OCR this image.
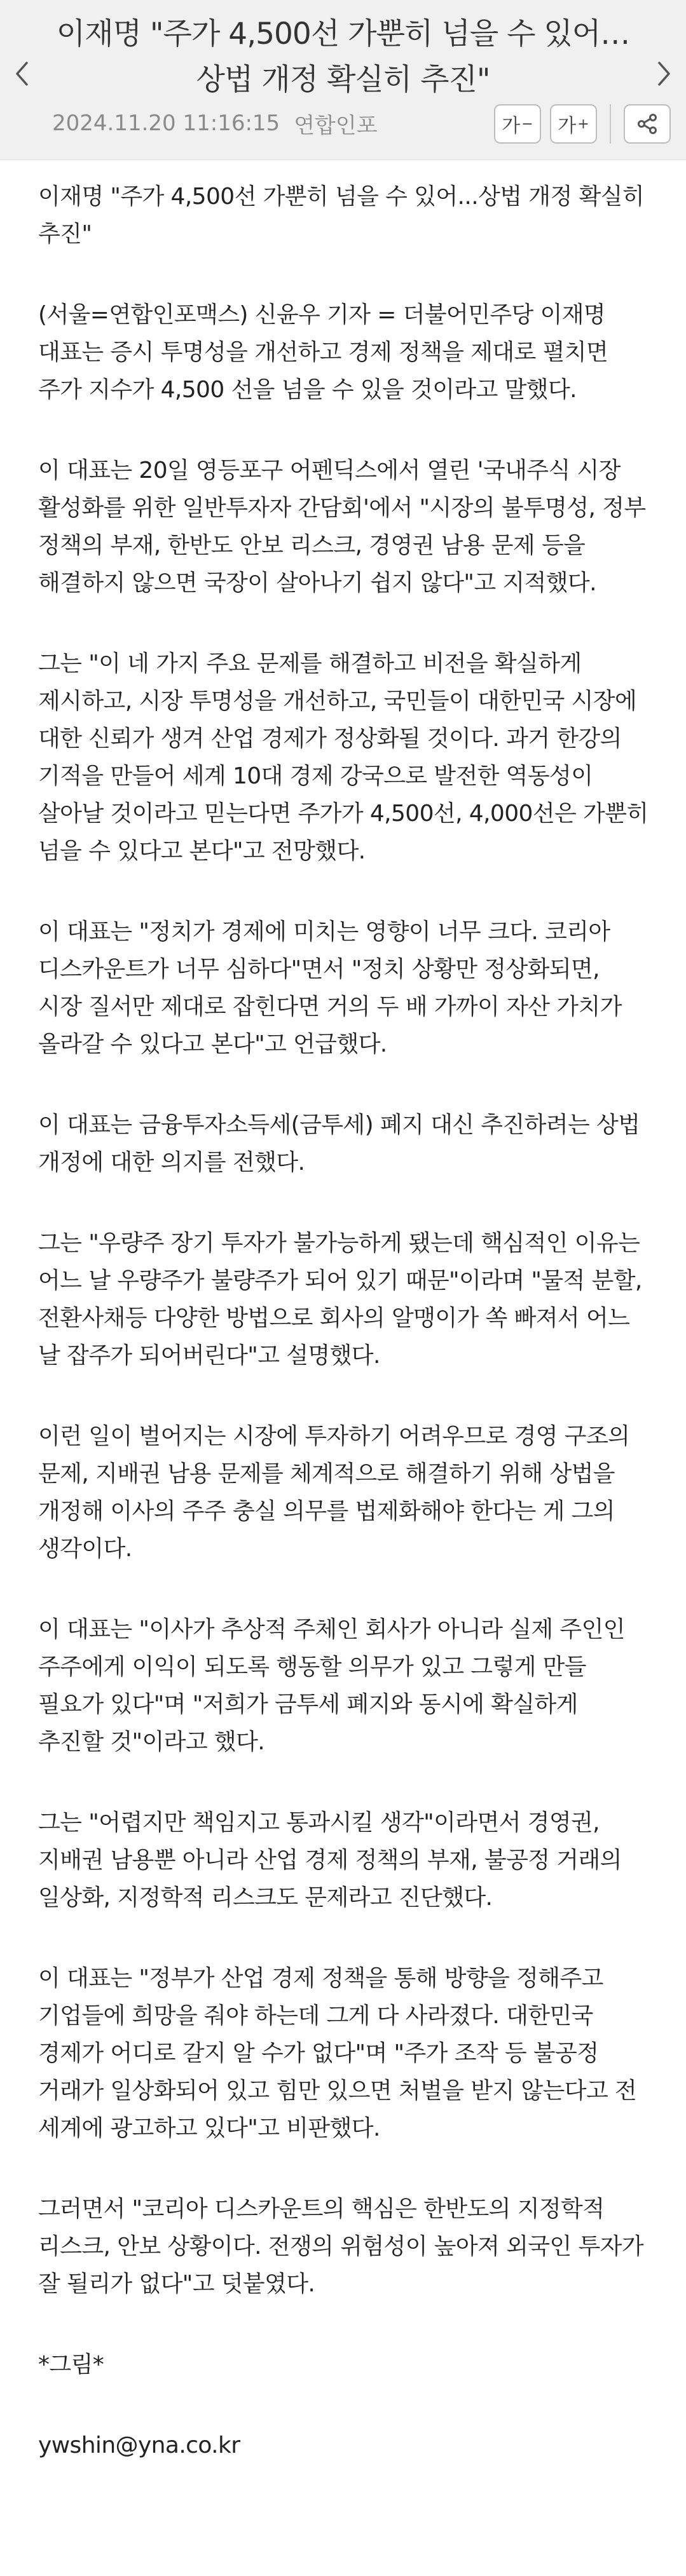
이재명 "주가 4,500선 가뿐히 넘을 수 있어…상법 개정 확실히 추진"
2024.11.20 11:16:15 연합인포	가 − 가 +

이재명 "주가 4,500선 가뿐히 넘을 수 있어...상법 개정 확실히 추진"

(서울=연합인포맥스) 신윤우 기자 = 더불어민주당 이재명 대표는 증시 투명성을 개선하고 경제 정책을 제대로 펼치면 주가 지수가 4,500 선을 넘을 수 있을 것이라고 말했다.

이 대표는 20일 영등포구 어펜딕스에서 열린 '국내주식 시장 활성화를 위한 일반투자자 간담회'에서 "시장의 불투명성, 정부 정책의 부재, 한반도 안보 리스크, 경영권 남용 문제 등을 해결하지 않으면 국장이 살아나기 쉽지 않다"고 지적했다.

그는 "이 네 가지 주요 문제를 해결하고 비전을 확실하게 제시하고, 시장 투명성을 개선하고, 국민들이 대한민국 시장에 대한 신뢰가 생겨 산업 경제가 정상화될 것이다. 과거 한강의 기적을 만들어 세계 10대 경제 강국으로 발전한 역동성이 살아날 것이라고 믿는다면 주가가 4,500선, 4,000선은 가뿐히 넘을 수 있다고 본다"고 전망했다.

이 대표는 "정치가 경제에 미치는 영향이 너무 크다. 코리아 디스카운트가 너무 심하다"면서 "정치 상황만 정상화되면, 시장 질서만 제대로 잡힌다면 거의 두 배 가까이 자산 가치가 올라갈 수 있다고 본다"고 언급했다.

이 대표는 금융투자소득세(금투세) 폐지 대신 추진하려는 상법 개정에 대한 의지를 전했다.

그는 "우량주 장기 투자가 불가능하게 됐는데 핵심적인 이유는 어느 날 우량주가 불량주가 되어 있기 때문"이라며 "물적 분할, 전환사채등 다양한 방법으로 회사의 알맹이가 쏙 빠져서 어느 날 잡주가 되어버린다"고 설명했다.

이런 일이 벌어지는 시장에 투자하기 어려우므로 경영 구조의 문제, 지배권 남용 문제를 체계적으로 해결하기 위해 상법을 개정해 이사의 주주 충실 의무를 법제화해야 한다는 게 그의 생각이다.

이 대표는 "이사가 추상적 주체인 회사가 아니라 실제 주인인 주주에게 이익이 되도록 행동할 의무가 있고 그렇게 만들 필요가 있다"며 "저희가 금투세 폐지와 동시에 확실하게 추진할 것"이라고 했다.

그는 "어렵지만 책임지고 통과시킬 생각"이라면서 경영권, 지배권 남용뿐 아니라 산업 경제 정책의 부재, 불공정 거래의 일상화, 지정학적 리스크도 문제라고 진단했다.

이 대표는 "정부가 산업 경제 정책을 통해 방향을 정해주고 기업들에 희망을 줘야 하는데 그게 다 사라졌다. 대한민국 경제가 어디로 갈지 알 수가 없다"며 "주가 조작 등 불공정 거래가 일상화되어 있고 힘만 있으면 처벌을 받지 않는다고 전 세계에 광고하고 있다"고 비판했다.

그러면서 "코리아 디스카운트의 핵심은 한반도의 지정학적 리스크, 안보 상황이다. 전쟁의 위험성이 높아져 외국인 투자가 잘 될리가 없다"고 덧붙였다.

*그림*

ywshin@yna.co.kr
